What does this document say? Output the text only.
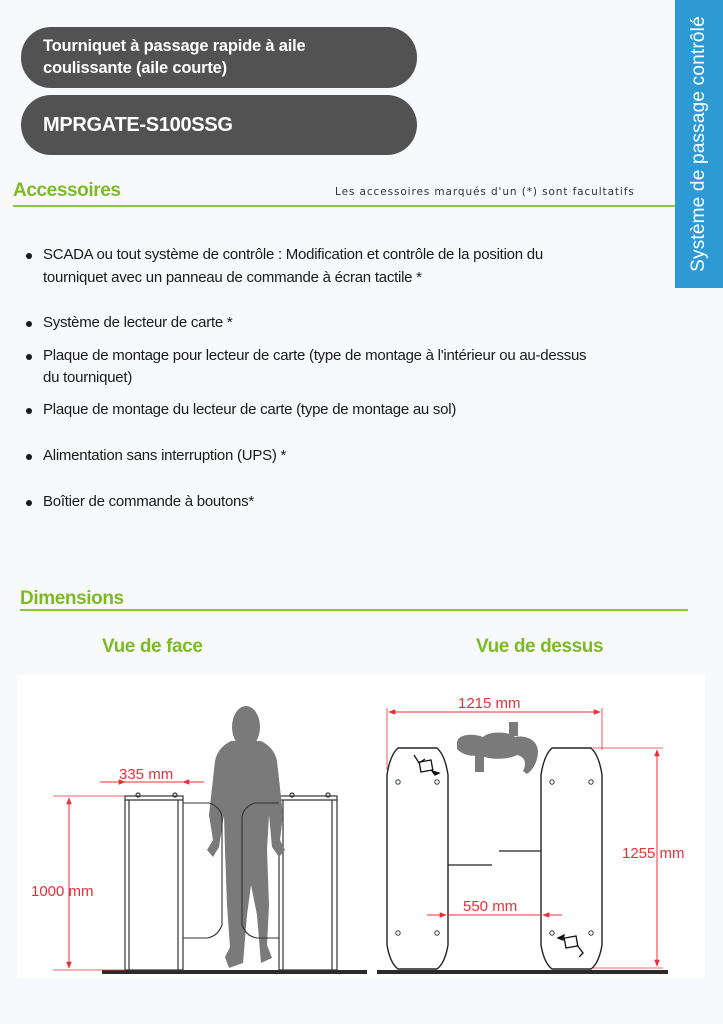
Tourniquet à passage rapide à aile
coulissante (aile courte)
MPRGATE-S100SSG	Système de passage contrôlé
Accessoires	Les accessoires marqués d'un (*) sont facultatifs
SCADA ou tout système de contrôle : Modification et contrôle de la position du
tourniquet avec un panneau de commande à écran tactile *
Système de lecteur de carte *
Plaque de montage pour lecteur de carte (type de montage à l'intérieur ou au-dessus
du tourniquet)
Plaque de montage du lecteur de carte (type de montage au sol)
Alimentation sans interruption (UPS) *
Boîtier de commande à boutons*
Dimensions
Vue de face	Vue de dessus
335 mm
1000 mm
1215 mm
1255 mm
550 mm
